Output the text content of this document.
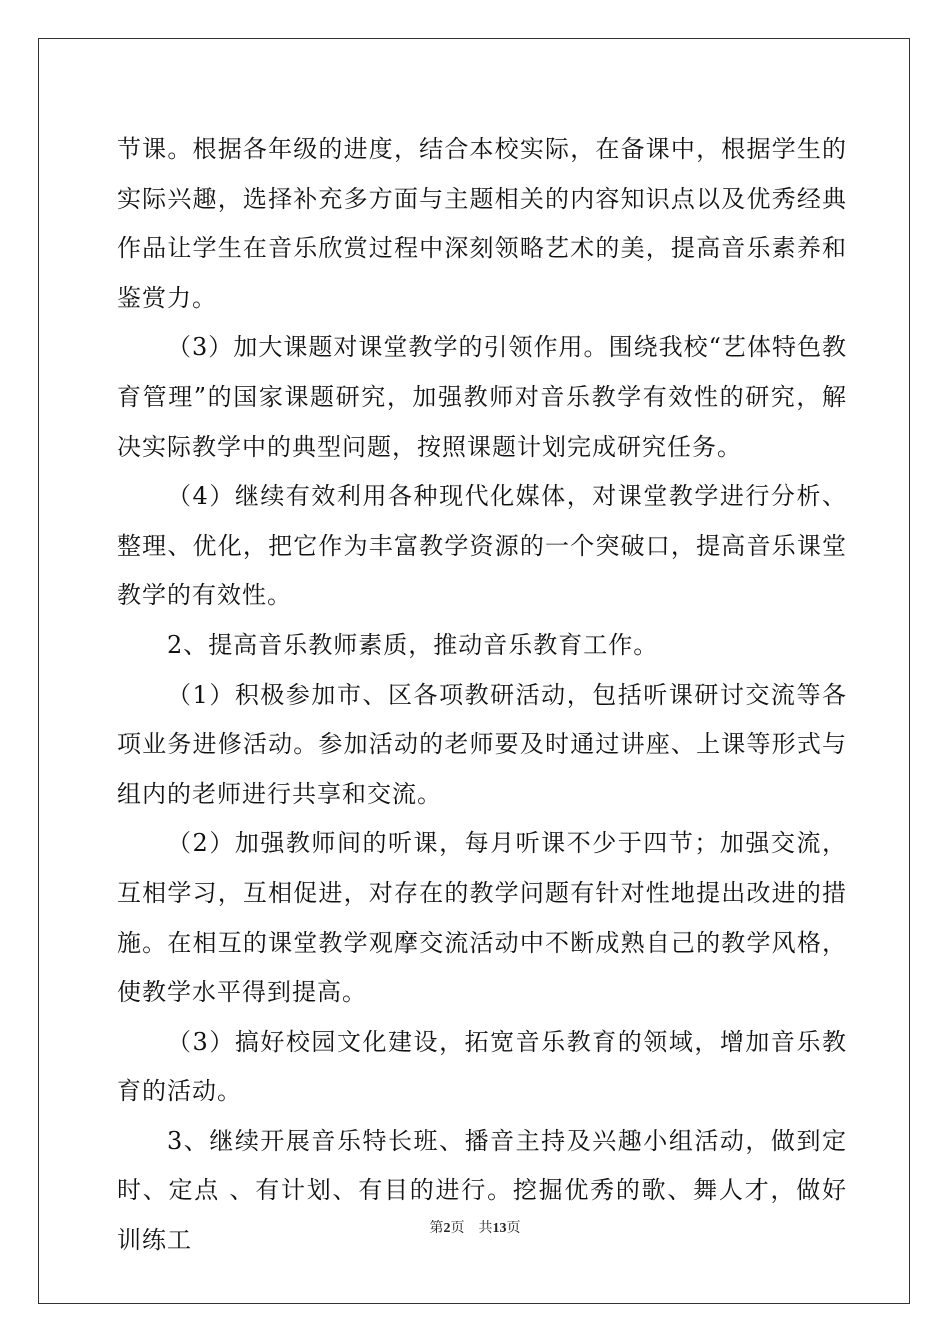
节课。根据各年级的进度，结合本校实际，在备课中，根据学生的实际兴趣，选择补充多方面与主题相关的内容知识点以及优秀经典作品让学生在音乐欣赏过程中深刻领略艺术的美，提高音乐素养和鉴赏力。

（3）加大课题对课堂教学的引领作用。围绕我校“艺体特色教育管理”的国家课题研究，加强教师对音乐教学有效性的研究，解决实际教学中的典型问题，按照课题计划完成研究任务。

（4）继续有效利用各种现代化媒体，对课堂教学进行分析、整理、优化，把它作为丰富教学资源的一个突破口，提高音乐课堂教学的有效性。

2、提高音乐教师素质，推动音乐教育工作。

（1）积极参加市、区各项教研活动，包括听课研讨交流等各项业务进修活动。参加活动的老师要及时通过讲座、上课等形式与组内的老师进行共享和交流。

（2）加强教师间的听课，每月听课不少于四节；加强交流，互相学习，互相促进，对存在的教学问题有针对性地提出改进的措施。在相互的课堂教学观摩交流活动中不断成熟自己的教学风格，使教学水平得到提高。

（3）搞好校园文化建设，拓宽音乐教育的领域，增加音乐教育的活动。

3、继续开展音乐特长班、播音主持及兴趣小组活动，做到定时、定点 、有计划、有目的进行。挖掘优秀的歌、舞人才，做好训练工	第2页 共13页
